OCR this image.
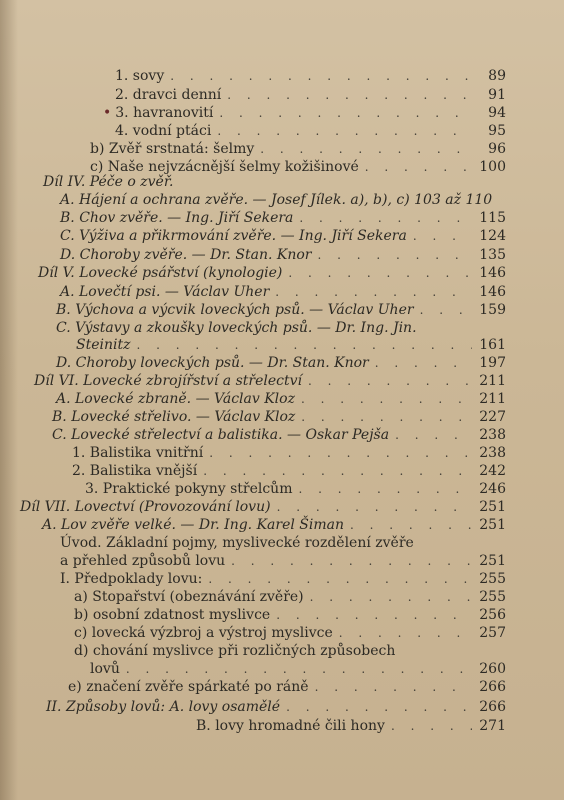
1. sovy . . .	89
2. dravci denní . . .	91
• 3. havranovití . . .	94
4. vodní ptáci . . .	95
b) Zvěř srstnatá: šelmy . . .	96
c) Naše nejvzácnější šelmy kožišinové . . .	100
Díl IV. Péče o zvěř.
A. Hájení a ochrana zvěře. — Josef Jílek. a), b), c) 103 až 110
B. Chov zvěře. — Ing. Jiří Sekera . . .	115
C. Výživa a přikrmování zvěře. — Ing. Jiří Sekera . . .	124
D. Choroby zvěře. — Dr. Stan. Knor . . .	135
Díl V. Lovecké psářství (kynologie) . . .	146
A. Lovečtí psi. — Václav Uher . . .	146
B. Výchova a výcvik loveckých psů. — Václav Uher . . .	159
C. Výstavy a zkoušky loveckých psů. — Dr. Ing. Jin.
Steinitz . . .	161
D. Choroby loveckých psů. — Dr. Stan. Knor . . .	197
Díl VI. Lovecké zbrojířství a střelectví . . .	211
A. Lovecké zbraně. — Václav Kloz . . .	211
B. Lovecké střelivo. — Václav Kloz . . .	227
C. Lovecké střelectví a balistika. — Oskar Pejša . . .	238
1. Balistika vnitřní . . .	238
2. Balistika vnější . . .	242
3. Praktické pokyny střelcům . . .	246
Díl VII. Lovectví (Provozování lovu) . . .	251
A. Lov zvěře velké. — Dr. Ing. Karel Šiman . . .	251
Úvod. Základní pojmy, myslivecké rozdělení zvěře
a přehled způsobů lovu . . .	251
I. Předpoklady lovu: . . .	255
a) Stopařství (obeznávání zvěře) . . .	255
b) osobní zdatnost myslivce . . .	256
c) lovecká výzbroj a výstroj myslivce . . .	257
d) chování myslivce při rozličných způsobech
lovů . . .	260
e) značení zvěře spárkaté po ráně . . .	266
II. Způsoby lovů: A. lovy osamělé . . .	266
B. lovy hromadné čili hony . . .	271
